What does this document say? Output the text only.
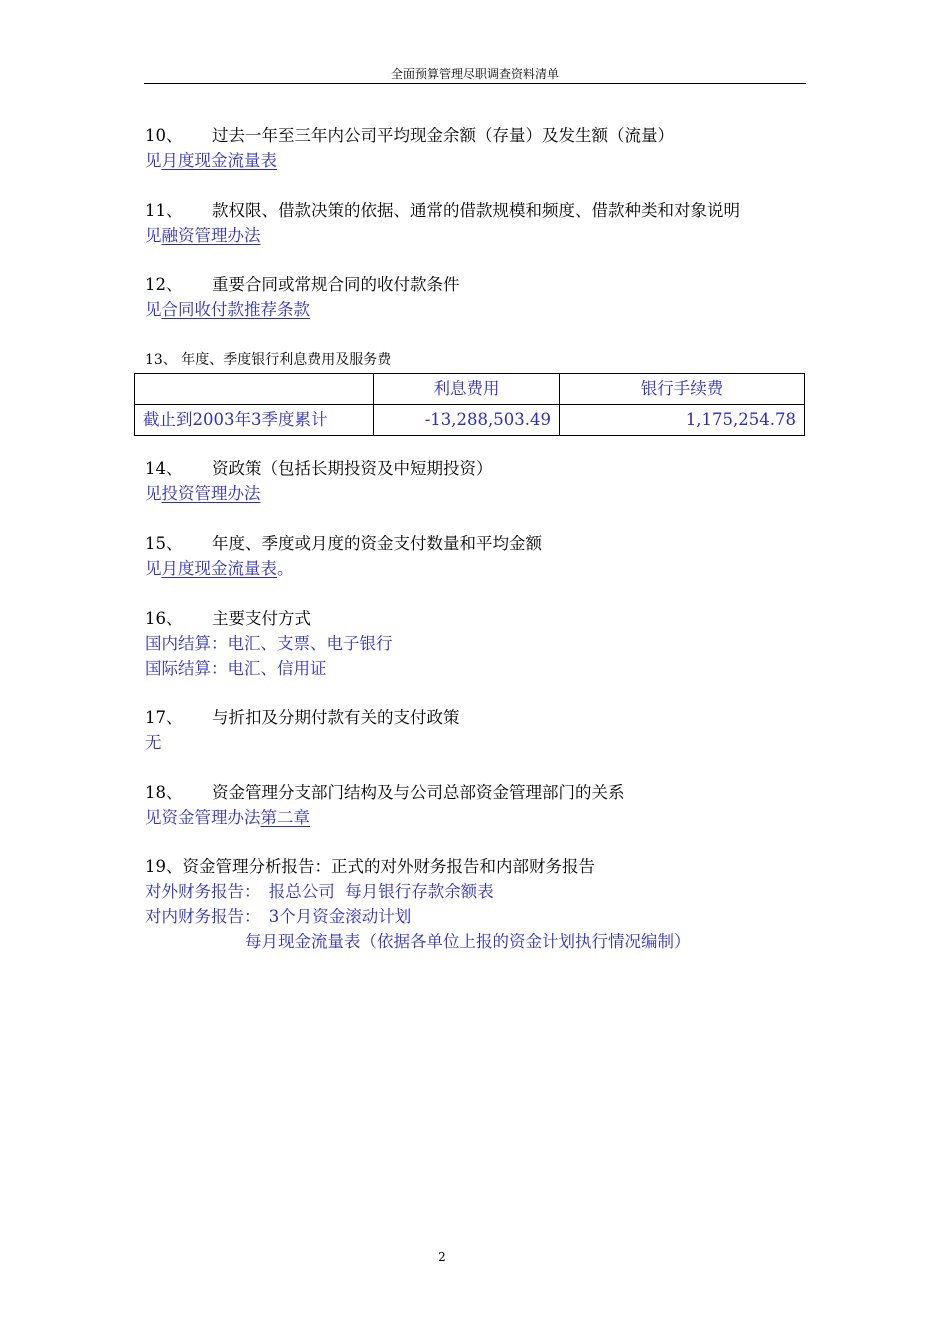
全面预算管理尽职调查资料清单
10、 过去一年至三年内公司平均现金余额（存量）及发生额（流量）
见月度现金流量表
11、 款权限、借款决策的依据、通常的借款规模和频度、借款种类和对象说明
见融资管理办法
12、 重要合同或常规合同的收付款条件
见合同收付款推荐条款
13、 年度、季度银行利息费用及服务费
	利息费用	银行手续费
截止到2003年3季度累计	-13,288,503.49	1,175,254.78
14、 资政策（包括长期投资及中短期投资）
见投资管理办法
15、 年度、季度或月度的资金支付数量和平均金额
见月度现金流量表。
16、 主要支付方式
国内结算：电汇、支票、电子银行
国际结算：电汇、信用证
17、 与折扣及分期付款有关的支付政策
无
18、 资金管理分支部门结构及与公司总部资金管理部门的关系
见资金管理办法第二章
19、资金管理分析报告：正式的对外财务报告和内部财务报告
对外财务报告：　报总公司  每月银行存款余额表
对内财务报告：　3个月资金滚动计划
每月现金流量表（依据各单位上报的资金计划执行情况编制）
2
